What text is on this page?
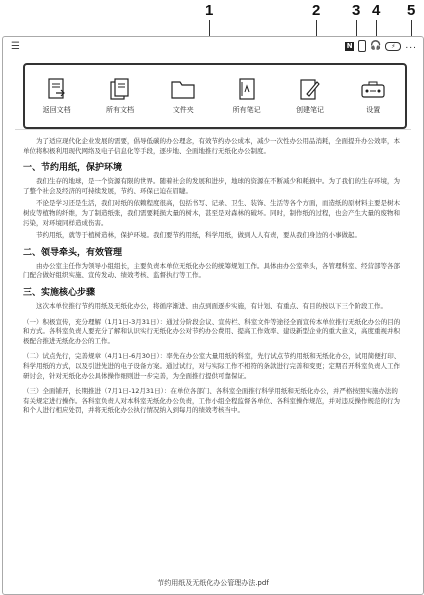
1	2 3 4 5
☰	N 🎧	⚡	...
返回文档	所有文档	文件夹	所有笔记	创建笔记	设置

为了适应现代化企业发展的需要，倡导低碳的办公理念，有效节约办公成本，减少一次性办公用品消耗，全面提升办公效率，本单位将积极利用现代网络及电子信息化等手段，逐步地、全面地推行无纸化办公制度。

一、节约用纸，保护环境

我们生存的地球，是一个资源有限的世界。随着社会的发展和进步，地球的资源在不断减少和耗损中。为了我们的生存环境，为了整个社会及经济的可持续发展，节约、环保已迫在眉睫。

不论是学习还是生活，我们对纸的依赖程度很高，包括书写、记录、卫生、装饰、生活等各个方面，而造纸的原材料主要是树木树皮等植物的纤维，为了制造纸张，我们需要耗损大量的树木，甚至是对森林的破坏。同时，制作纸的过程，也会产生大量的废物和污染，对环境同样造成伤害。

节约用纸，就等于植树造林，保护环境。我们要节约用纸，科学用纸，做到人人有责，要从我们身边的小事做起。

二、领导牵头，有效管理

由办公室主任作为领导小组组长，主要负责本单位无纸化办公的统筹规划工作。具体由办公室牵头，各管理科室、经营部等各部门配合做好组织实施、宣传发动、绩效考核、监督执行等工作。

三、实施核心步骤

这次本单位推行节约用纸及无纸化办公，将循序渐进、由点到面逐步实施，有计划、有重点、有目的按以下三个阶段工作。

（一）积极宣传，充分理解（1月1日-3月31日）：通过分阶段会议、宣传栏、科室文件等途径全面宣传本单位推行无纸化办公的目的和方式。各科室负责人要充分了解和认识实行无纸化办公对节约办公费用、提高工作效率、建设新型企业的重大意义，高度重视并积极配合推进无纸化办公的工作。

（二）试点先行，完善规章（4月1日-6月30日）：率先在办公室大量用纸的科室，先行试点节约用纸和无纸化办公，试用简便打印、科学用纸的方式，以及引进先进的电子设备方案。通过试行，对与实际工作不相符的条款进行完善和变更；定期召开科室负责人工作研讨会，针对无纸化办公具体操作细则进一步完善，为全面推行提供可靠保证。

（三）全面铺开，长期推进（7月1日-12月31日）：在单位各部门、各科室全面推行科学用纸和无纸化办公，并严格按照实施办法的有关规定进行操作。各科室负责人对本科室无纸化办公负责，工作小组全程监督各单位、各科室操作规范，并对违反操作规范的行为和个人进行相应处罚，并将无纸化办公执行情况纳入到每月的绩效考核当中。

节约用纸及无纸化办公管理办法.pdf
